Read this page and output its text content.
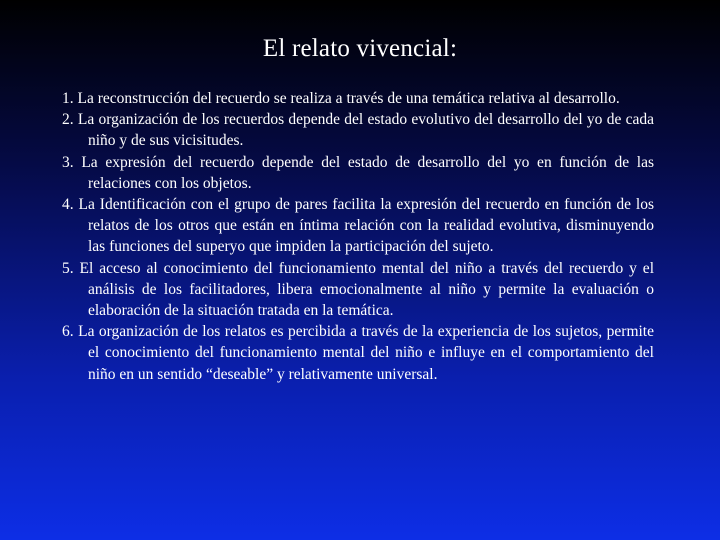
El relato vivencial:
1. La reconstrucción del recuerdo se realiza a través de una temática relativa al desarrollo.
2. La organización de los recuerdos depende del estado evolutivo del desarrollo del yo de cada niño y de sus vicisitudes.
3. La expresión del recuerdo depende del estado de desarrollo del yo en función de las relaciones con los objetos.
4. La Identificación con el grupo de pares facilita la expresión del recuerdo en función de los relatos de los otros que están en íntima relación con la realidad evolutiva, disminuyendo las funciones del superyo que impiden la participación del sujeto.
5. El acceso al conocimiento del funcionamiento mental del niño a través del recuerdo y el análisis de los facilitadores, libera emocionalmente al niño y permite la evaluación o elaboración de la situación tratada en la temática.
6. La organización de los relatos es percibida a través de la experiencia de los sujetos, permite el conocimiento del funcionamiento mental del niño e influye en el comportamiento del niño en un sentido “deseable” y relativamente universal.
